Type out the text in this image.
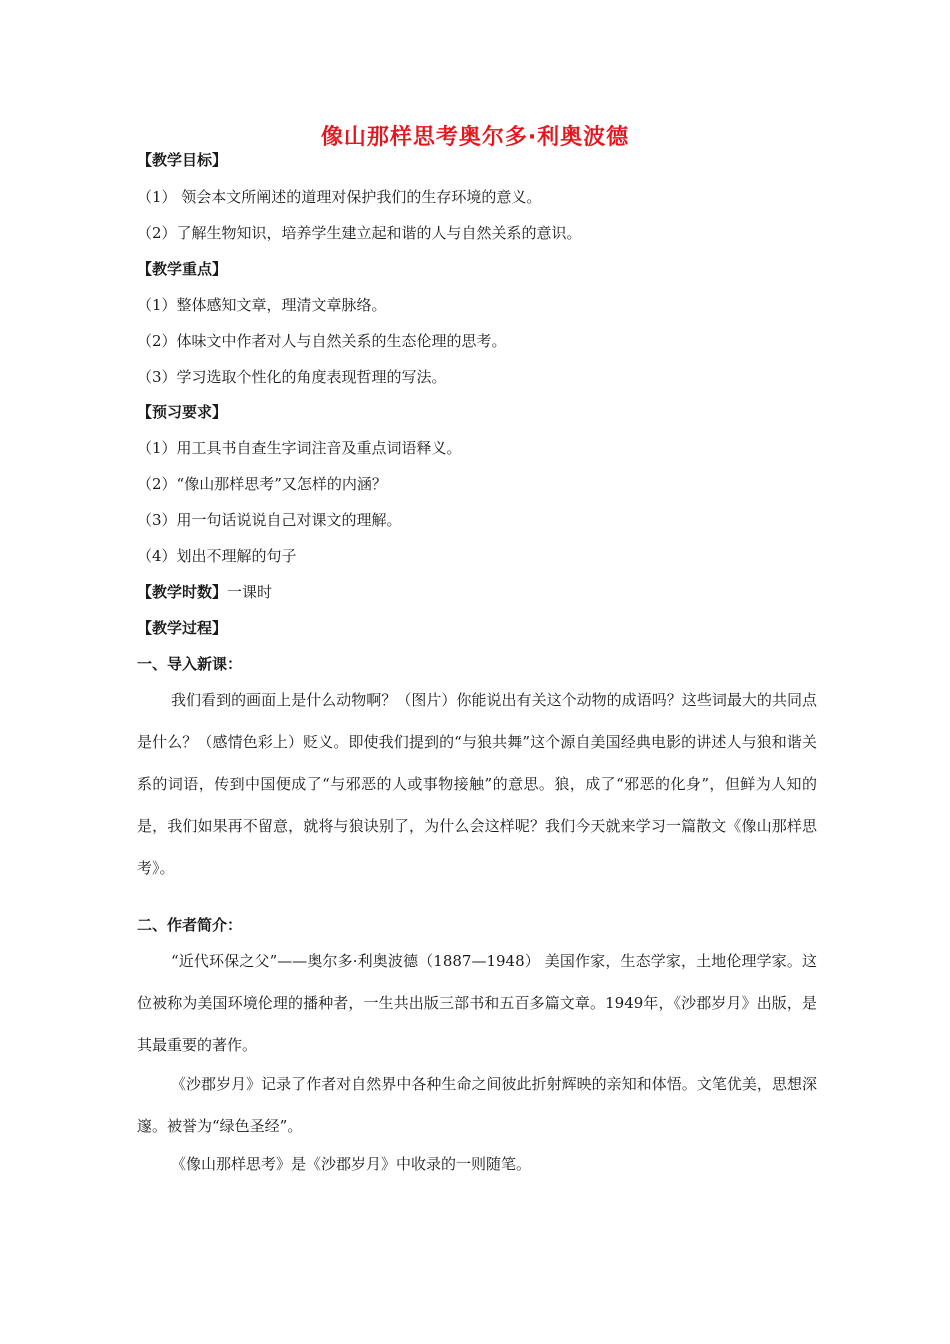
像山那样思考奥尔多·利奥波德
【教学目标】
（1） 领会本文所阐述的道理对保护我们的生存环境的意义。
（2）了解生物知识，培养学生建立起和谐的人与自然关系的意识。
【教学重点】
（1）整体感知文章，理清文章脉络。
（2）体味文中作者对人与自然关系的生态伦理的思考。
（3）学习选取个性化的角度表现哲理的写法。
【预习要求】
（1）用工具书自查生字词注音及重点词语释义。
（2）“像山那样思考”又怎样的内涵？
（3）用一句话说说自己对课文的理解。
（4）划出不理解的句子
【教学时数】一课时
【教学过程】
一、导入新课：
我们看到的画面上是什么动物啊？（图片）你能说出有关这个动物的成语吗？这些词最大的共同点是什么？（感情色彩上）贬义。即使我们提到的“与狼共舞”这个源自美国经典电影的讲述人与狼和谐关系的词语，传到中国便成了“与邪恶的人或事物接触”的意思。狼，成了“邪恶的化身”，但鲜为人知的是，我们如果再不留意，就将与狼诀别了，为什么会这样呢？我们今天就来学习一篇散文《像山那样思考》。
二、作者简介：
“近代环保之父”——奥尔多·利奥波德（1887—1948） 美国作家，生态学家，土地伦理学家。这位被称为美国环境伦理的播种者，一生共出版三部书和五百多篇文章。1949年，《沙郡岁月》出版，是其最重要的著作。
《沙郡岁月》记录了作者对自然界中各种生命之间彼此折射辉映的亲知和体悟。文笔优美，思想深邃。被誉为“绿色圣经”。
《像山那样思考》是《沙郡岁月》中收录的一则随笔。
